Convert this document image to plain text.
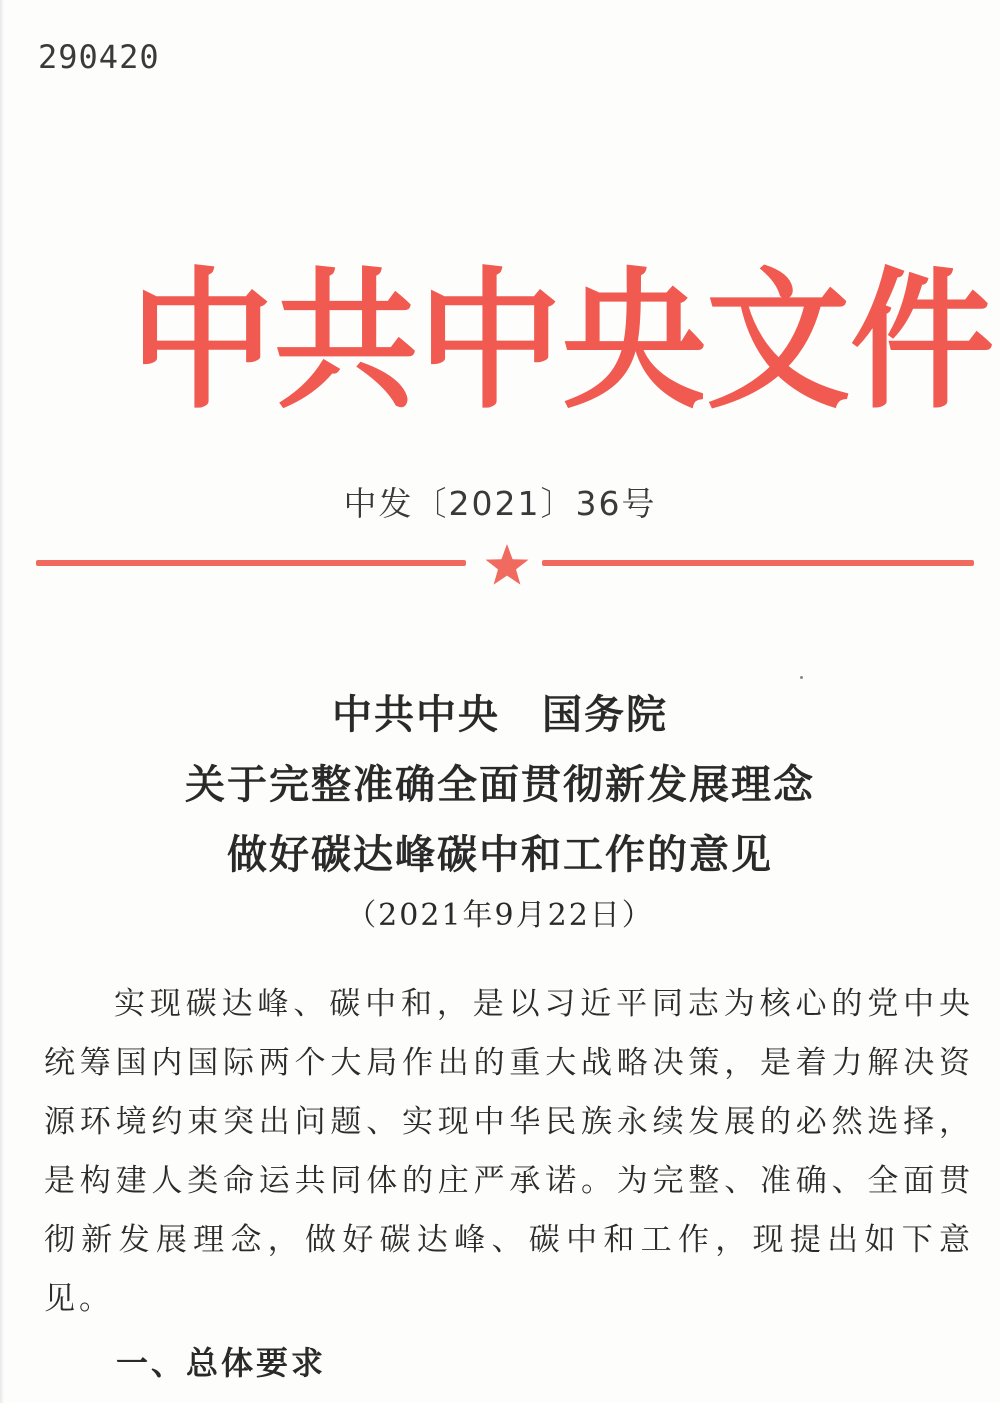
290420
中 共 中 央 文 件
中发〔2021〕36号
中共中央　国务院
关于完整准确全面贯彻新发展理念
做好碳达峰碳中和工作的意见
（2021年9月22日）

实现碳达峰、碳中和，是以习近平同志为核心的党中央统筹国内国际两个大局作出的重大战略决策，是着力解决资源环境约束突出问题、实现中华民族永续发展的必然选择，是构建人类命运共同体的庄严承诺。为完整、准确、全面贯彻新发展理念，做好碳达峰、碳中和工作，现提出如下意见。

一、总体要求
